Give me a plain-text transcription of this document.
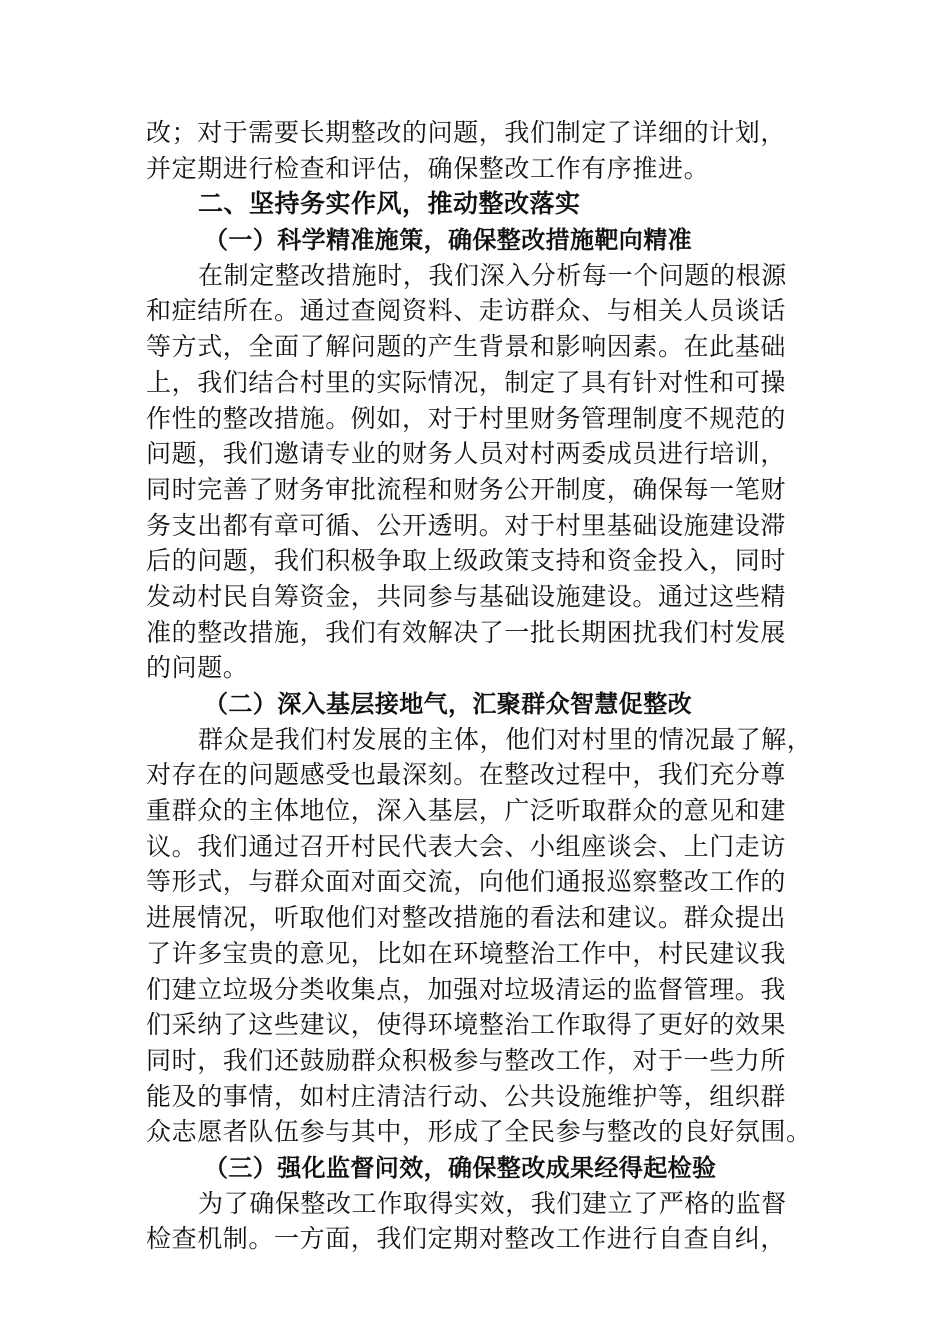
改；对于需要长期整改的问题，我们制定了详细的计划，
并定期进行检查和评估，确保整改工作有序推进。
二、坚持务实作风，推动整改落实
（一）科学精准施策，确保整改措施靶向精准
在制定整改措施时，我们深入分析每一个问题的根源
和症结所在。通过查阅资料、走访群众、与相关人员谈话
等方式，全面了解问题的产生背景和影响因素。在此基础
上，我们结合村里的实际情况，制定了具有针对性和可操
作性的整改措施。例如，对于村里财务管理制度不规范的
问题，我们邀请专业的财务人员对村两委成员进行培训，
同时完善了财务审批流程和财务公开制度，确保每一笔财
务支出都有章可循、公开透明。对于村里基础设施建设滞
后的问题，我们积极争取上级政策支持和资金投入，同时
发动村民自筹资金，共同参与基础设施建设。通过这些精
准的整改措施，我们有效解决了一批长期困扰我们村发展
的问题。
（二）深入基层接地气，汇聚群众智慧促整改
群众是我们村发展的主体，他们对村里的情况最了解，
对存在的问题感受也最深刻。在整改过程中，我们充分尊
重群众的主体地位，深入基层，广泛听取群众的意见和建
议。我们通过召开村民代表大会、小组座谈会、上门走访
等形式，与群众面对面交流，向他们通报巡察整改工作的
进展情况，听取他们对整改措施的看法和建议。群众提出
了许多宝贵的意见，比如在环境整治工作中，村民建议我
们建立垃圾分类收集点，加强对垃圾清运的监督管理。我
们采纳了这些建议，使得环境整治工作取得了更好的效果
同时，我们还鼓励群众积极参与整改工作，对于一些力所
能及的事情，如村庄清洁行动、公共设施维护等，组织群
众志愿者队伍参与其中，形成了全民参与整改的良好氛围。
（三）强化监督问效，确保整改成果经得起检验
为了确保整改工作取得实效，我们建立了严格的监督
检查机制。一方面，我们定期对整改工作进行自查自纠，
